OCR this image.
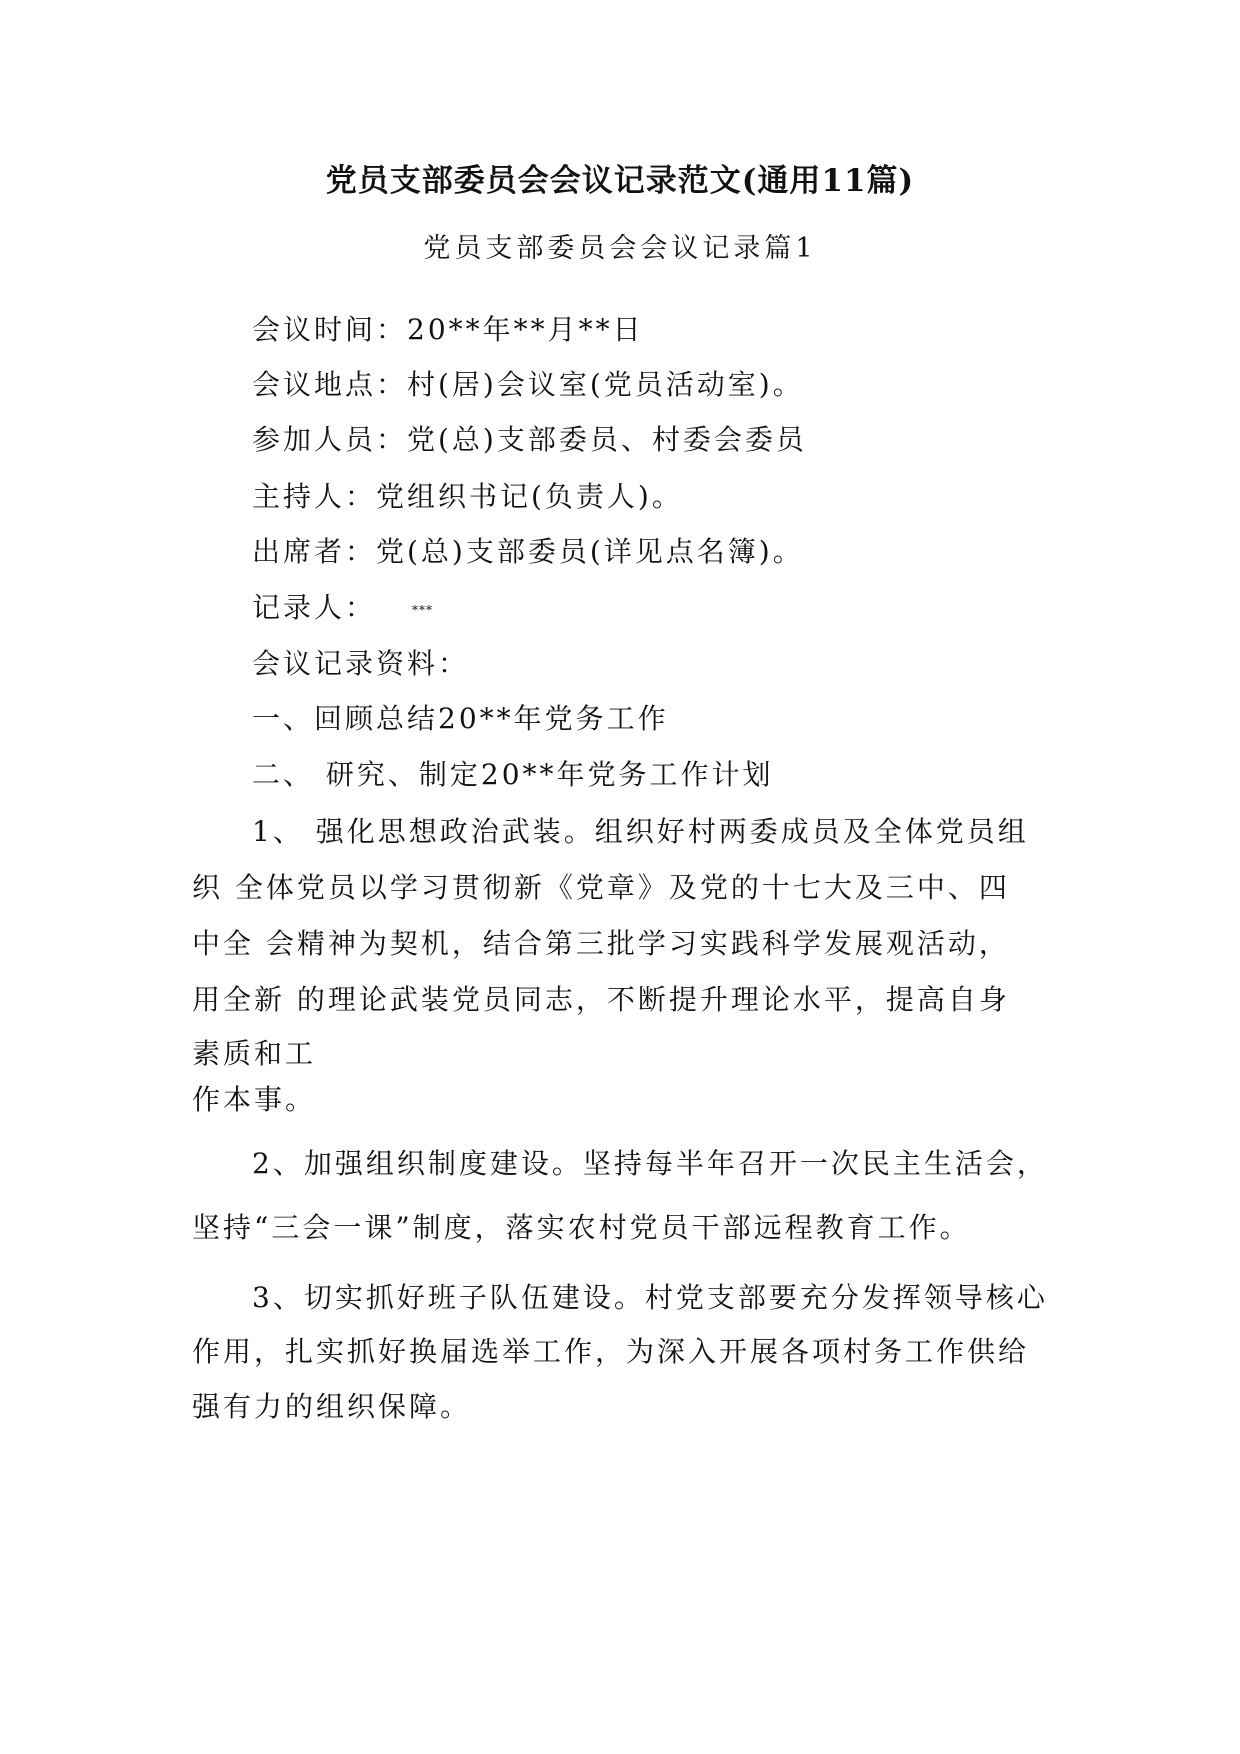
党员支部委员会会议记录范文(通用11篇)
党员支部委员会会议记录篇1
会议时间：20**年**月**日
会议地点：村(居)会议室(党员活动室)。
参加人员：党(总)支部委员、村委会委员
主持人：党组织书记(负责人)。
出席者：党(总)支部委员(详见点名簿)。
记录人：	***
会议记录资料：
一、回顾总结20**年党务工作
二、 研究、制定20**年党务工作计划
1、 强化思想政治武装。组织好村两委成员及全体党员组
织 全体党员以学习贯彻新《党章》及党的十七大及三中、四
中全 会精神为契机，结合第三批学习实践科学发展观活动，
用全新 的理论武装党员同志，不断提升理论水平，提高自身
素质和工
作本事。
2、加强组织制度建设。坚持每半年召开一次民主生活会，
坚持“三会一课”制度，落实农村党员干部远程教育工作。
3、切实抓好班子队伍建设。村党支部要充分发挥领导核心
作用，扎实抓好换届选举工作，为深入开展各项村务工作供给
强有力的组织保障。
